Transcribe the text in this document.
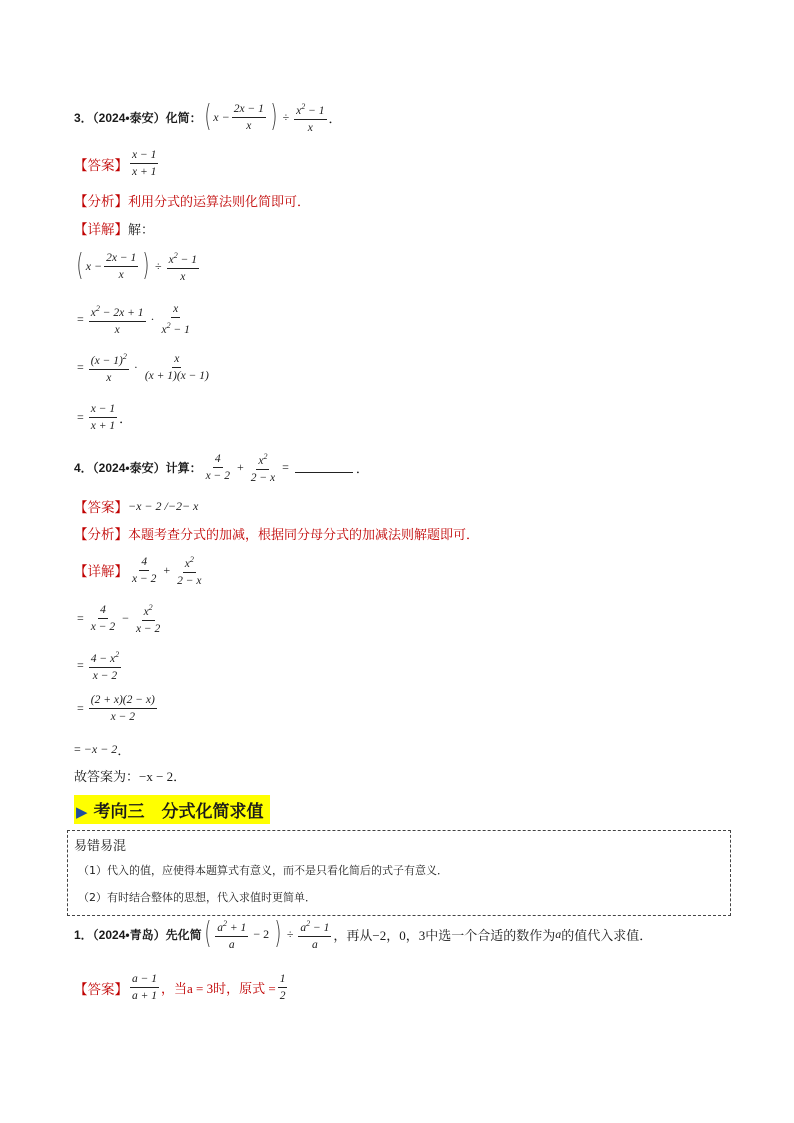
3．（2024•泰安）化简： ( $x - \frac{2x - 1}{x}$ ) ÷ $\frac{x^2 - 1}{x}$ ．
【答案】 $\frac{x - 1}{x + 1}$
【分析】 利用分式的运算法则化简即可．
【详解】 解：
( $x - \frac{2x - 1}{x}$ ) ÷ $\frac{x^2 - 1}{x}$
= $\frac{x^2 - 2x + 1}{x} \cdot \frac{x}{x^2 - 1}$
= $\frac{(x - 1)^2}{x} \cdot \frac{x}{(x + 1)(x - 1)}$
= $\frac{x - 1}{x + 1}$ ．
4．（2024•泰安）计算： $\frac{4}{x - 2} + \frac{x^2}{2 - x}$ =	．
【答案】 −x − 2 /−2− x
【分析】 本题考查分式的加减，根据同分母分式的加减法则解题即可．
【详解】 $\frac{4}{x - 2} + \frac{x^2}{2 - x}$
= $\frac{4}{x - 2} - \frac{x^2}{x - 2}$
= $\frac{4 - x^2}{x - 2}$
= $\frac{(2 + x)(2 - x)}{x - 2}$
= −x − 2 ．
故答案为：−x − 2．
▶ 考向三　分式化简求值
易错易混
（1）代入的值，应使得本题算式有意义，而不是只看化简后的式子有意义．
（2）有时结合整体的思想，代入求值时更简单．
1．（2024•青岛）先化简 ( $\frac{a^2 + 1}{a} - 2$ ) ÷ $\frac{a^2 - 1}{a}$ ，再从−2，0，3中选一个合适的数作为 a 的值代入求值．
【答案】 $\frac{a - 1}{a + 1}$ ，当 a = 3时，原式 = $\frac{1}{2}$
